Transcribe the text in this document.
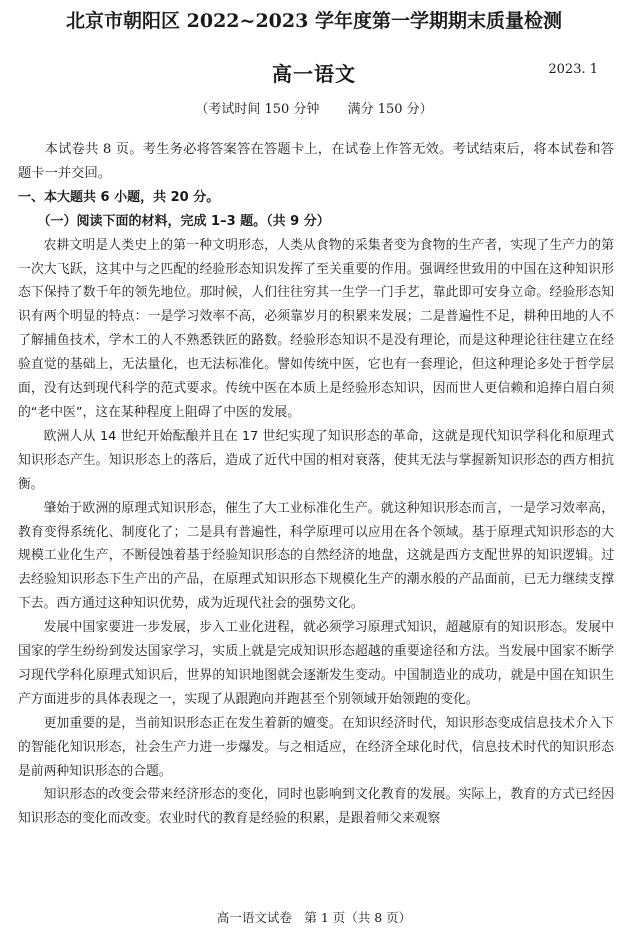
北京市朝阳区 2022~2023 学年度第一学期期末质量检测
高一语文	2023. 1
（考试时间 150 分钟 满分 150 分）

本试卷共 8 页。考生务必将答案答在答题卡上，在试卷上作答无效。考试结束后，将本试卷和答题卡一并交回。

一、本大题共 6 小题，共 20 分。

（一）阅读下面的材料，完成 1–3 题。（共 9 分）

农耕文明是人类史上的第一种文明形态，人类从食物的采集者变为食物的生产者，实现了生产力的第一次大飞跃，这其中与之匹配的经验形态知识发挥了至关重要的作用。强调经世致用的中国在这种知识形态下保持了数千年的领先地位。那时候，人们往往穷其一生学一门手艺，靠此即可安身立命。经验形态知识有两个明显的特点：一是学习效率不高，必须靠岁月的积累来发展；二是普遍性不足，耕种田地的人不了解捕鱼技术，学木工的人不熟悉铁匠的路数。经验形态知识不是没有理论，而是这种理论往往建立在经验直觉的基础上，无法量化，也无法标准化。譬如传统中医，它也有一套理论，但这种理论多处于哲学层面，没有达到现代科学的范式要求。传统中医在本质上是经验形态知识，因而世人更信赖和追捧白眉白须的“老中医”，这在某种程度上阻碍了中医的发展。

欧洲人从 14 世纪开始酝酿并且在 17 世纪实现了知识形态的革命，这就是现代知识学科化和原理式知识形态产生。知识形态上的落后，造成了近代中国的相对衰落，使其无法与掌握新知识形态的西方相抗衡。

肇始于欧洲的原理式知识形态，催生了大工业标准化生产。就这种知识形态而言，一是学习效率高，教育变得系统化、制度化了；二是具有普遍性，科学原理可以应用在各个领域。基于原理式知识形态的大规模工业化生产，不断侵蚀着基于经验知识形态的自然经济的地盘，这就是西方支配世界的知识逻辑。过去经验知识形态下生产出的产品，在原理式知识形态下规模化生产的潮水般的产品面前，已无力继续支撑下去。西方通过这种知识优势，成为近现代社会的强势文化。

发展中国家要进一步发展，步入工业化进程，就必须学习原理式知识，超越原有的知识形态。发展中国家的学生纷纷到发达国家学习，实质上就是完成知识形态超越的重要途径和方法。当发展中国家不断学习现代学科化原理式知识后，世界的知识地图就会逐渐发生变动。中国制造业的成功，就是中国在知识生产方面进步的具体表现之一，实现了从跟跑向并跑甚至个别领域开始领跑的变化。

更加重要的是，当前知识形态正在发生着新的嬗变。在知识经济时代，知识形态变成信息技术介入下的智能化知识形态，社会生产力进一步爆发。与之相适应，在经济全球化时代，信息技术时代的知识形态是前两种知识形态的合题。

知识形态的改变会带来经济形态的变化，同时也影响到文化教育的发展。实际上，教育的方式已经因知识形态的变化而改变。农业时代的教育是经验的积累，是跟着师父来观察

高一语文试卷　第 1 页（共 8 页）
